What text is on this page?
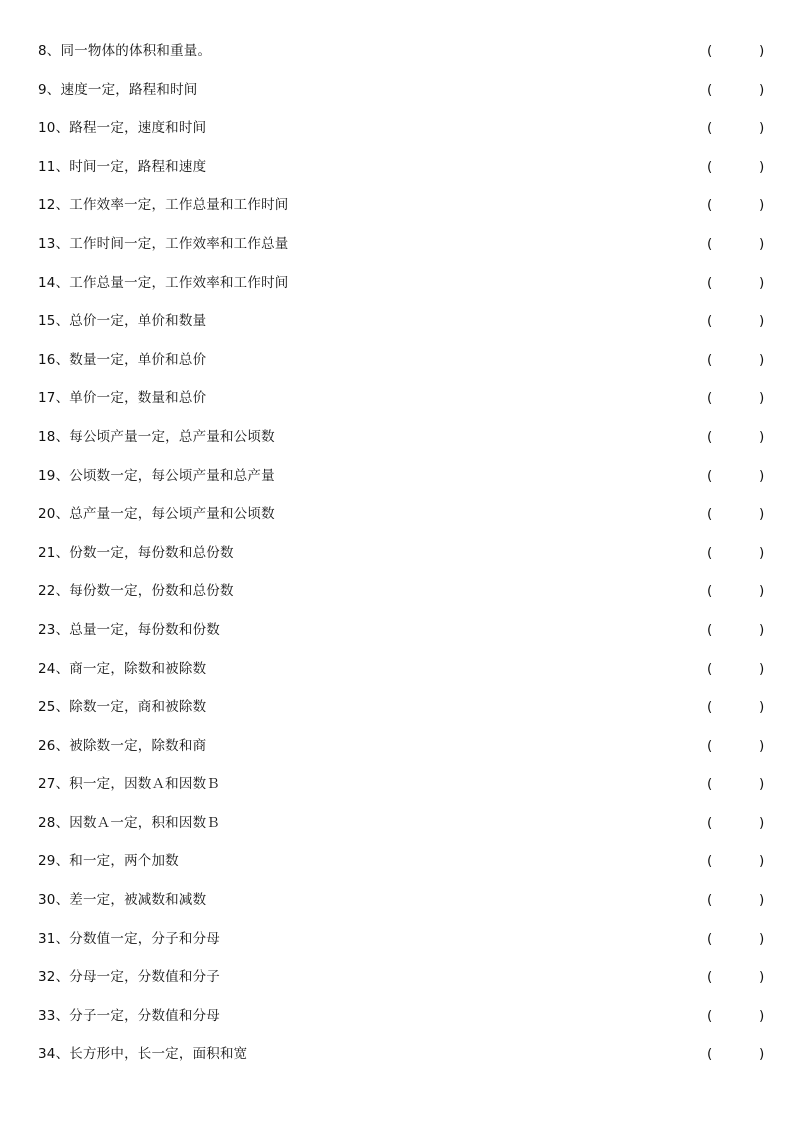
8、同一物体的体积和重量。	(	)
9、速度一定，路程和时间	(	)
10、路程一定，速度和时间	(	)
11、时间一定，路程和速度	(	)
12、工作效率一定，工作总量和工作时间	(	)
13、工作时间一定，工作效率和工作总量	(	)
14、工作总量一定，工作效率和工作时间	(	)
15、总价一定，单价和数量	(	)
16、数量一定，单价和总价	(	)
17、单价一定，数量和总价	(	)
18、每公顷产量一定，总产量和公顷数	(	)
19、公顷数一定，每公顷产量和总产量	(	)
20、总产量一定，每公顷产量和公顷数	(	)
21、份数一定，每份数和总份数	(	)
22、每份数一定，份数和总份数	(	)
23、总量一定，每份数和份数	(	)
24、商一定，除数和被除数	(	)
25、除数一定，商和被除数	(	)
26、被除数一定，除数和商	(	)
27、积一定，因数Ａ和因数Ｂ	(	)
28、因数Ａ一定，积和因数Ｂ	(	)
29、和一定，两个加数	(	)
30、差一定，被减数和减数	(	)
31、分数值一定，分子和分母	(	)
32、分母一定，分数值和分子	(	)
33、分子一定，分数值和分母	(	)
34、长方形中，长一定，面积和宽	(	)
